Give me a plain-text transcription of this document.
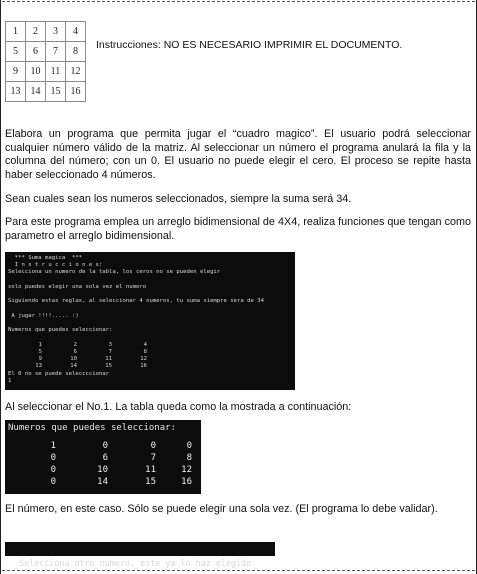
1	2	3	4
5	6	7	8
9	10	11	12
13	14	15	16
Instrucciones: NO ES NECESARIO IMPRIMIR EL DOCUMENTO.

Elabora un programa que permita jugar el “cuadro magico”. El usuario podrá seleccionar cualquier número válido de la matriz. Al seleccionar un número el programa anulará la fila y la columna del número; con un 0. El usuario no puede elegir el cero. El proceso se repite hasta haber seleccionado 4 números.

Sean cuales sean los numeros seleccionados, siempre la suma será 34.

Para este programa emplea un arreglo bidimensional de 4X4, realiza funciones que tengan como parametro el arreglo bidimensional.

*** Suma magica  ***
I n s t r u c c i o n e s:
Selecciona un numero de la tabla, los ceros no se pueden elegir
solo puedes elegir una sola vez el numero
Siguiendo estas reglas, al seleccionar 4 numeros, tu suma siempre sera de 34
A jugar !!!!..... :)
Numeros que puedes seleccionar:
1	2	3	4
5	6	7	8
9	10	11	12
13	14	15	16
El 0 no se puede seleccccionar
1

Al seleccionar el No.1. La tabla queda como la mostrada a continuación:

Numeros que puedes seleccionar:
1	0	0	0
0	6	7	8
0	10	11	12
0	14	15	16

El número, en este caso. Sólo se puede elegir una sola vez. (El programa lo debe validar).

Selecciona otro numero, este ya lo haz elegido
